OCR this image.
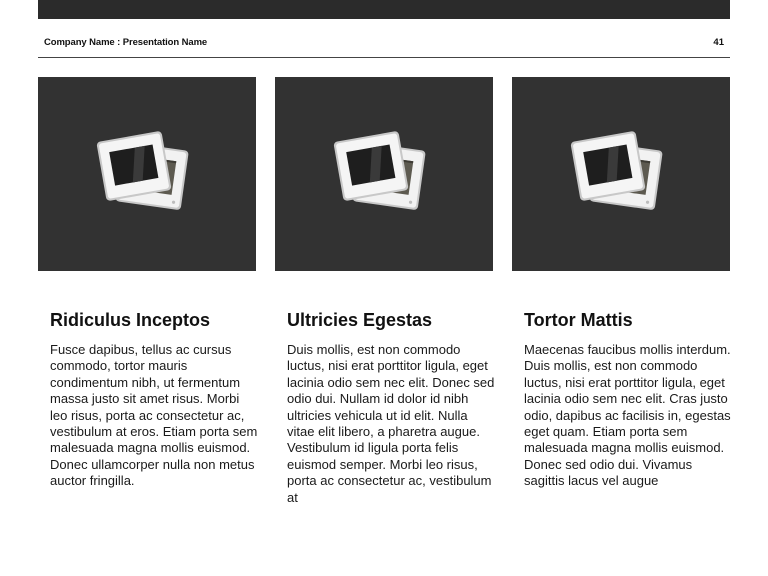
Company Name : Presentation Name	41
Ridiculus Inceptos
Fusce dapibus, tellus ac cursus commodo, tortor mauris condimentum nibh, ut fermentum massa justo sit amet risus. Morbi leo risus, porta ac consectetur ac, vestibulum at eros. Etiam porta sem malesuada magna mollis euismod. Donec ullamcorper nulla non metus auctor fringilla.
Ultricies Egestas
Duis mollis, est non commodo luctus, nisi erat porttitor ligula, eget lacinia odio sem nec elit. Donec sed odio dui. Nullam id dolor id nibh ultricies vehicula ut id elit. Nulla vitae elit libero, a pharetra augue. Vestibulum id ligula porta felis euismod semper. Morbi leo risus, porta ac consectetur ac, vestibulum at
Tortor Mattis
Maecenas faucibus mollis interdum. Duis mollis, est non commodo luctus, nisi erat porttitor ligula, eget lacinia odio sem nec elit. Cras justo odio, dapibus ac facilisis in, egestas eget quam. Etiam porta sem malesuada magna mollis euismod. Donec sed odio dui. Vivamus sagittis lacus vel augue
